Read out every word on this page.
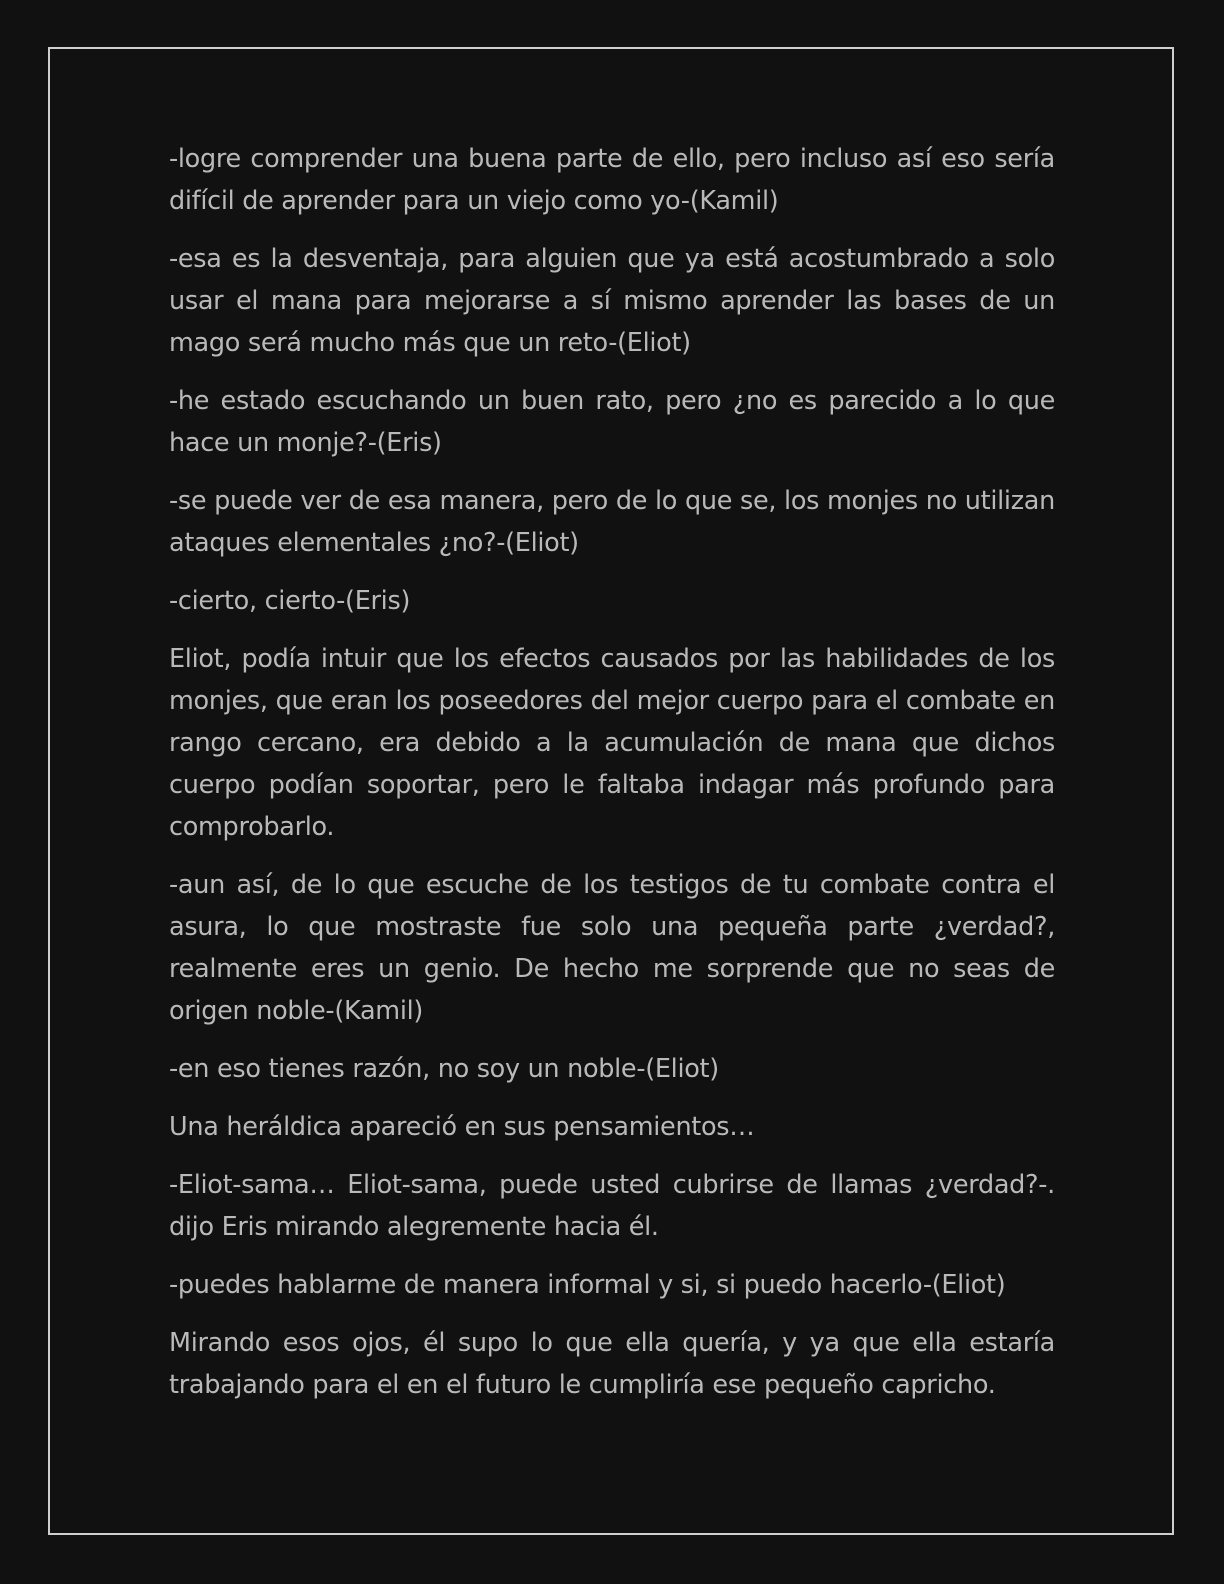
-logre comprender una buena parte de ello, pero incluso así eso sería difícil de aprender para un viejo como yo-(Kamil)

-esa es la desventaja, para alguien que ya está acostumbrado a solo usar el mana para mejorarse a sí mismo aprender las bases de un mago será mucho más que un reto-(Eliot)

-he estado escuchando un buen rato, pero ¿no es parecido a lo que hace un monje?-(Eris)

-se puede ver de esa manera, pero de lo que se, los monjes no utilizan ataques elementales ¿no?-(Eliot)

-cierto, cierto-(Eris)

Eliot, podía intuir que los efectos causados por las habilidades de los monjes, que eran los poseedores del mejor cuerpo para el combate en rango cercano, era debido a la acumulación de mana que dichos cuerpo podían soportar, pero le faltaba indagar más profundo para comprobarlo.

-aun así, de lo que escuche de los testigos de tu combate contra el asura, lo que mostraste fue solo una pequeña parte ¿verdad?, realmente eres un genio. De hecho me sorprende que no seas de origen noble-(Kamil)

-en eso tienes razón, no soy un noble-(Eliot)

Una heráldica apareció en sus pensamientos…

-Eliot-sama… Eliot-sama, puede usted cubrirse de llamas ¿verdad?-. dijo Eris mirando alegremente hacia él.

-puedes hablarme de manera informal y si, si puedo hacerlo-(Eliot)

Mirando esos ojos, él supo lo que ella quería, y ya que ella estaría trabajando para el en el futuro le cumpliría ese pequeño capricho.
